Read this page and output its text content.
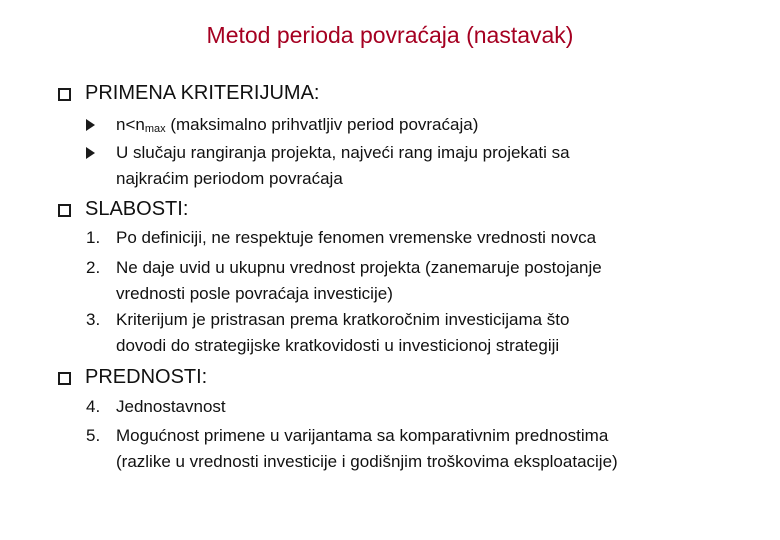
Metod perioda povraćaja (nastavak)
PRIMENA KRITERIJUMA:
$n<n_{max}$ (maksimalno prihvatljiv period povraćaja)
U slučaju rangiranja projekta, najveći rang imaju projekati sa
najkraćim periodom povraćaja
SLABOSTI:
1. Po definiciji, ne respektuje fenomen vremenske vrednosti novca
2. Ne daje uvid u ukupnu vrednost projekta (zanemaruje postojanje
vrednosti posle povraćaja investicije)
3. Kriterijum je pristrasan prema kratkoročnim investicijama što
dovodi do strategijske kratkovidosti u investicionoj strategiji
PREDNOSTI:
4. Jednostavnost
5. Mogućnost primene u varijantama sa komparativnim prednostima
(razlike u vrednosti investicije i godišnjim troškovima eksploatacije)
